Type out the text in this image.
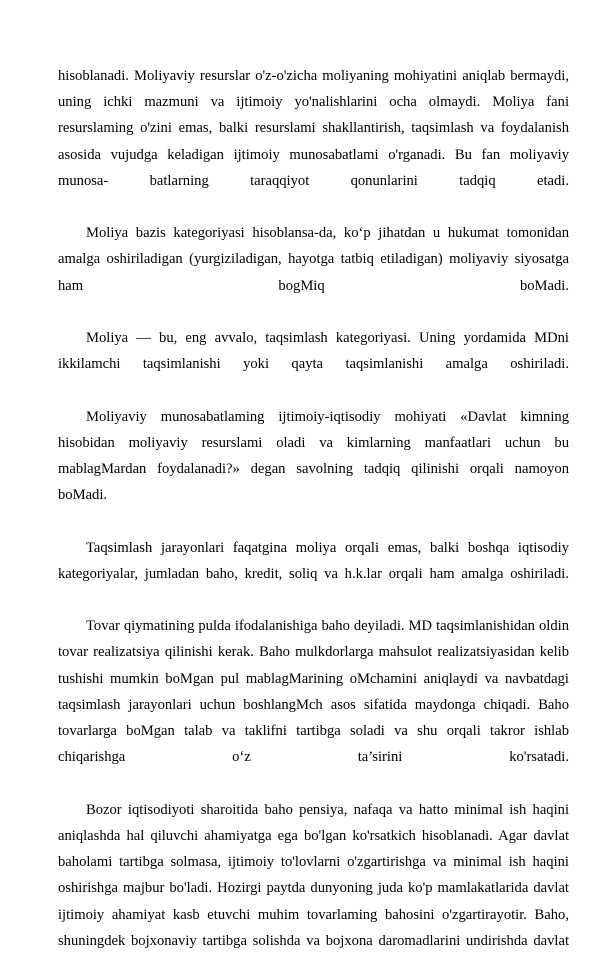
hisoblanadi. Moliyaviy resurslar o'z-o'zicha moliyaning mohiyatini aniqlab bermaydi, uning ichki mazmuni va ijtimoiy yo'nalishlarini ocha olmaydi. Moliya fani resurslaming o'zini emas, balki resurslami shakllantirish, taqsimlash va foydalanish asosida vujudga keladigan ijtimoiy munosabatlami o'rganadi. Bu fan moliyaviy munosa- batlarning taraqqiyot qonunlarini tadqiq etadi.

Moliya bazis kategoriyasi hisoblansa-da, ko‘p jihatdan u hukumat tomonidan amalga oshiriladigan (yurgiziladigan, hayotga tatbiq etiladigan) moliyaviy siyosatga ham bogMiq boMadi.

Moliya — bu, eng avvalo, taqsimlash kategoriyasi. Uning yordamida MDni ikkilamchi taqsimlanishi yoki qayta taqsimlanishi amalga oshiriladi.

Moliyaviy munosabatlaming ijtimoiy-iqtisodiy mohiyati «Davlat kimning hisobidan moliyaviy resurslami oladi va kimlarning manfaatlari uchun bu mablagMardan foydalanadi?» degan savolning tadqiq qilinishi orqali namoyon boMadi.

Taqsimlash jarayonlari faqatgina moliya orqali emas, balki boshqa iqtisodiy kategoriyalar, jumladan baho, kredit, soliq va h.k.lar orqali ham amalga oshiriladi.

Tovar qiymatining pulda ifodalanishiga baho deyiladi. MD taqsimlanishidan oldin tovar realizatsiya qilinishi kerak. Baho mulkdorlarga mahsulot realizatsiyasidan kelib tushishi mumkin boMgan pul mablagMarining oMchamini aniqlaydi va navbatdagi taqsimlash jarayonlari uchun boshlangMch asos sifatida maydonga chiqadi. Baho tovarlarga boMgan talab va taklifni tartibga soladi va shu orqali takror ishlab chiqarishga o‘z ta’sirini ko'rsatadi.

Bozor iqtisodiyoti sharoitida baho pensiya, nafaqa va hatto minimal ish haqini aniqlashda hal qiluvchi ahamiyatga ega bo'lgan ko'rsatkich hisoblanadi. Agar davlat baholami tartibga solmasa, ijtimoiy to'lovlarni o'zgartirishga va minimal ish haqini oshirishga majbur bo'ladi. Hozirgi paytda dunyoning juda ko'p mamlakatlarida davlat ijtimoiy ahamiyat kasb etuvchi muhim tovarlaming bahosini o'zgartirayotir. Baho, shuningdek bojxonaviy tartibga solishda va bojxona daromadlarini undirishda davlat
